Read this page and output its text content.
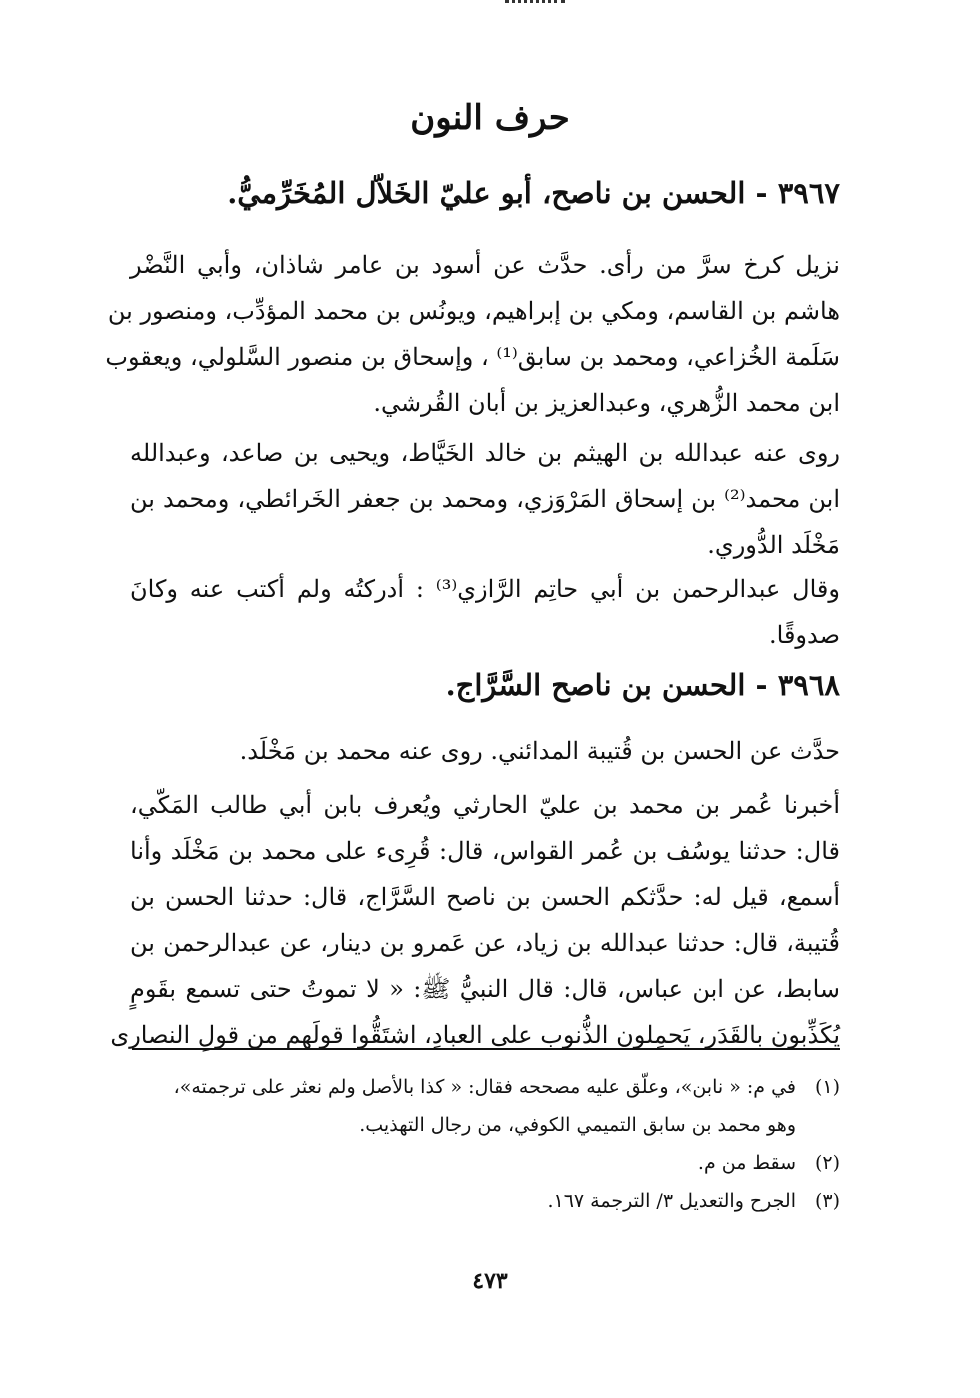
حرف النون
٣٩٦٧ - الحسن بن ناصح، أبو عليّ الخَلاّل المُخَرِّميُّ.
نزيل كرخ سرَّ من رأى. حدَّث عن أسود بن عامر شاذان، وأبي النَّضْر
هاشم بن القاسم، ومكي بن إبراهيم، ويونُس بن محمد المؤدِّب، ومنصور بن
سَلَمة الخُزاعي، ومحمد بن سابق⁽¹⁾ ، وإسحاق بن منصور السَّلولي، ويعقوب
ابن محمد الزُّهري، وعبدالعزيز بن أبان القُرشي.
روى عنه عبدالله بن الهيثم بن خالد الخَيَّاط، ويحيى بن صاعد، وعبدالله
ابن محمد⁽²⁾ بن إسحاق المَرْوَزي، ومحمد بن جعفر الخَرائطي، ومحمد بن
مَخْلَد الدُّوري.
وقال عبدالرحمن بن أبي حاتِم الرَّازي⁽³⁾ : أدركتُه ولم أكتب عنه وكانَ
صدوقًا.
٣٩٦٨ - الحسن بن ناصح السَّرَّاج.
حدَّث عن الحسن بن قُتيبة المدائني. روى عنه محمد بن مَخْلَد.
أخبرنا عُمر بن محمد بن عليّ الحارثي ويُعرف بابن أبي طالب المَكّي،
قال: حدثنا يوسُف بن عُمر القواس، قال: قُرِىء على محمد بن مَخْلَد وأنا
أسمع، قيل له: حدَّثكم الحسن بن ناصح السَّرَّاج، قال: حدثنا الحسن بن
قُتيبة، قال: حدثنا عبدالله بن زياد، عن عَمرو بن دينار، عن عبدالرحمن بن
سابط، عن ابن عباس، قال: قال النبيُّ ﷺ: « لا تموتُ حتى تسمع بقَومٍ
يُكَذِّبون بالقَدَر، يَحمِلون الذُّنوب على العبادِ، اشتَقُّوا قولَهم من قولِ النصارى
(١)في م: « نابن»، وعلّق عليه مصححه فقال: « كذا بالأصل ولم نعثر على ترجمته»،
وهو محمد بن سابق التميمي الكوفي، من رجال التهذيب.
(٢)سقط من م.
(٣)الجرح والتعديل ٣/ الترجمة ١٦٧.
٤٧٣
